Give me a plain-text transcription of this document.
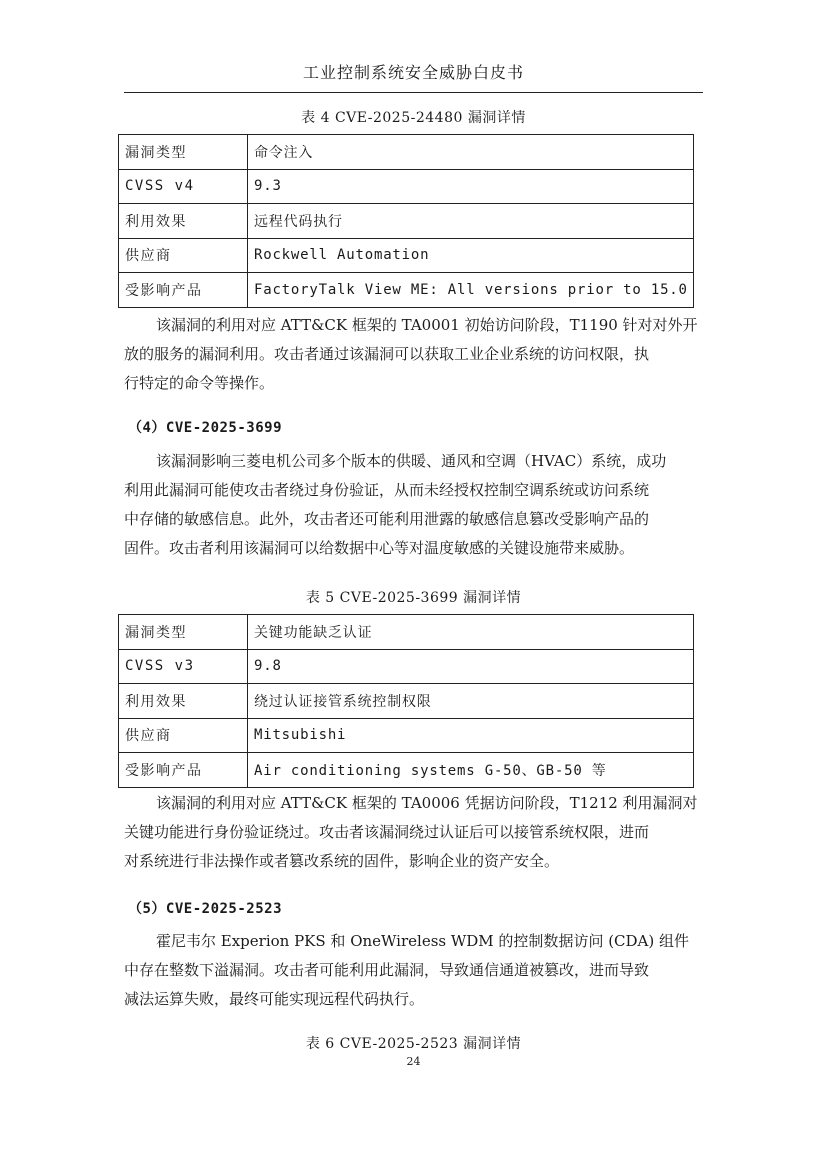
工业控制系统安全威胁白皮书
表 4 CVE-2025-24480 漏洞详情
漏洞类型	命令注入
CVSS v4	9.3
利用效果	远程代码执行
供应商	Rockwell Automation
受影响产品	FactoryTalk View ME: All versions prior to 15.0
该漏洞的利用对应 ATT&CK 框架的 TA0001 初始访问阶段，T1190 针对对外开
放的服务的漏洞利用。攻击者通过该漏洞可以获取工业企业系统的访问权限，执
行特定的命令等操作。
（4）CVE-2025-3699
该漏洞影响三菱电机公司多个版本的供暖、通风和空调（HVAC）系统，成功
利用此漏洞可能使攻击者绕过身份验证，从而未经授权控制空调系统或访问系统
中存储的敏感信息。此外，攻击者还可能利用泄露的敏感信息篡改受影响产品的
固件。攻击者利用该漏洞可以给数据中心等对温度敏感的关键设施带来威胁。
表 5 CVE-2025-3699 漏洞详情
漏洞类型	关键功能缺乏认证
CVSS v3	9.8
利用效果	绕过认证接管系统控制权限
供应商	Mitsubishi
受影响产品	Air conditioning systems G-50、GB-50 等
该漏洞的利用对应 ATT&CK 框架的 TA0006 凭据访问阶段，T1212 利用漏洞对
关键功能进行身份验证绕过。攻击者该漏洞绕过认证后可以接管系统权限，进而
对系统进行非法操作或者篡改系统的固件，影响企业的资产安全。
（5）CVE-2025-2523
霍尼韦尔 Experion PKS 和 OneWireless WDM 的控制数据访问 (CDA) 组件
中存在整数下溢漏洞。攻击者可能利用此漏洞，导致通信通道被篡改，进而导致
减法运算失败，最终可能实现远程代码执行。
表 6 CVE-2025-2523 漏洞详情
24
